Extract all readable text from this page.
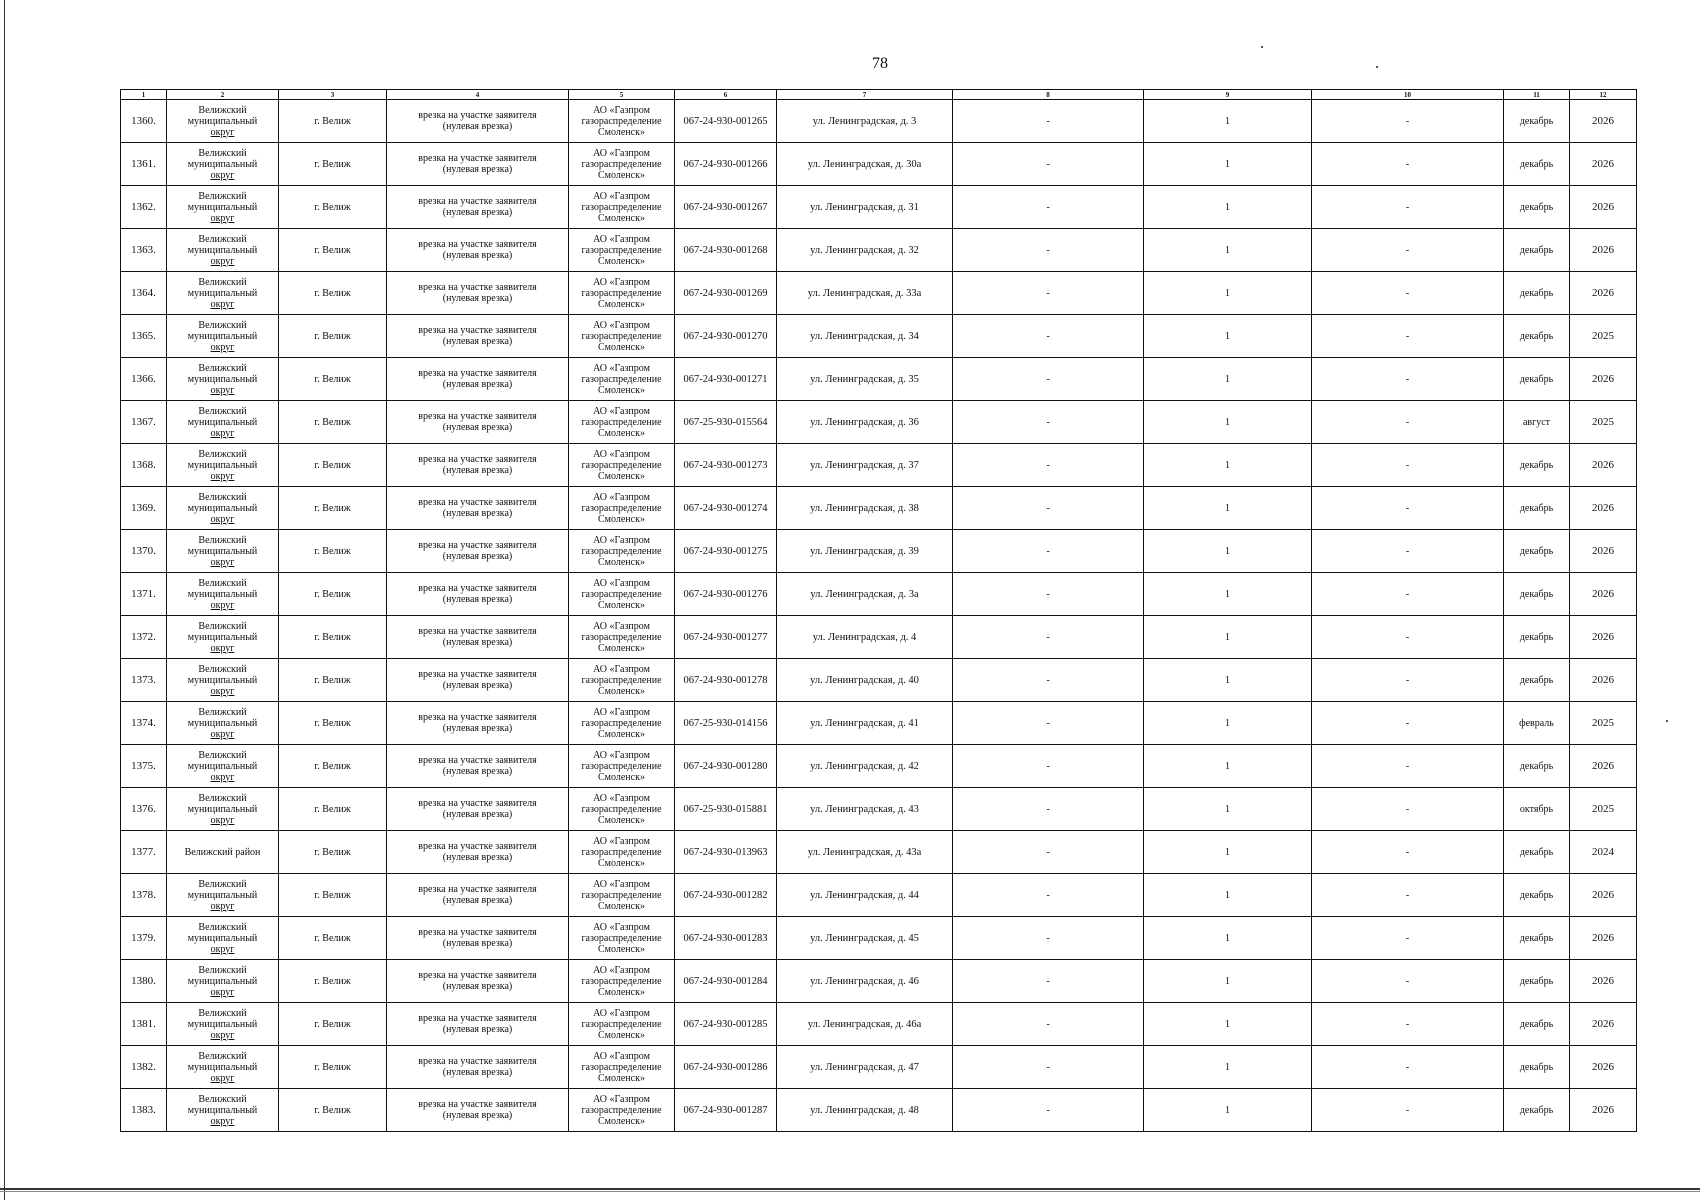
78
1	2	3	4	5	6	7	8	9	10	11	12
1360.	Велижский
муниципальный
округ	г. Велиж	врезка на участке заявителя
(нулевая врезка)	АО «Газпром
газораспределение
Смоленск»	067-24-930-001265	ул. Ленинградская, д. 3	-	1	-	декабрь	2026
1361.	Велижский
муниципальный
округ	г. Велиж	врезка на участке заявителя
(нулевая врезка)	АО «Газпром
газораспределение
Смоленск»	067-24-930-001266	ул. Ленинградская, д. 30а	-	1	-	декабрь	2026
1362.	Велижский
муниципальный
округ	г. Велиж	врезка на участке заявителя
(нулевая врезка)	АО «Газпром
газораспределение
Смоленск»	067-24-930-001267	ул. Ленинградская, д. 31	-	1	-	декабрь	2026
1363.	Велижский
муниципальный
округ	г. Велиж	врезка на участке заявителя
(нулевая врезка)	АО «Газпром
газораспределение
Смоленск»	067-24-930-001268	ул. Ленинградская, д. 32	-	1	-	декабрь	2026
1364.	Велижский
муниципальный
округ	г. Велиж	врезка на участке заявителя
(нулевая врезка)	АО «Газпром
газораспределение
Смоленск»	067-24-930-001269	ул. Ленинградская, д. 33а	-	1	-	декабрь	2026
1365.	Велижский
муниципальный
округ	г. Велиж	врезка на участке заявителя
(нулевая врезка)	АО «Газпром
газораспределение
Смоленск»	067-24-930-001270	ул. Ленинградская, д. 34	-	1	-	декабрь	2025
1366.	Велижский
муниципальный
округ	г. Велиж	врезка на участке заявителя
(нулевая врезка)	АО «Газпром
газораспределение
Смоленск»	067-24-930-001271	ул. Ленинградская, д. 35	-	1	-	декабрь	2026
1367.	Велижский
муниципальный
округ	г. Велиж	врезка на участке заявителя
(нулевая врезка)	АО «Газпром
газораспределение
Смоленск»	067-25-930-015564	ул. Ленинградская, д. 36	-	1	-	август	2025
1368.	Велижский
муниципальный
округ	г. Велиж	врезка на участке заявителя
(нулевая врезка)	АО «Газпром
газораспределение
Смоленск»	067-24-930-001273	ул. Ленинградская, д. 37	-	1	-	декабрь	2026
1369.	Велижский
муниципальный
округ	г. Велиж	врезка на участке заявителя
(нулевая врезка)	АО «Газпром
газораспределение
Смоленск»	067-24-930-001274	ул. Ленинградская, д. 38	-	1	-	декабрь	2026
1370.	Велижский
муниципальный
округ	г. Велиж	врезка на участке заявителя
(нулевая врезка)	АО «Газпром
газораспределение
Смоленск»	067-24-930-001275	ул. Ленинградская, д. 39	-	1	-	декабрь	2026
1371.	Велижский
муниципальный
округ	г. Велиж	врезка на участке заявителя
(нулевая врезка)	АО «Газпром
газораспределение
Смоленск»	067-24-930-001276	ул. Ленинградская, д. 3а	-	1	-	декабрь	2026
1372.	Велижский
муниципальный
округ	г. Велиж	врезка на участке заявителя
(нулевая врезка)	АО «Газпром
газораспределение
Смоленск»	067-24-930-001277	ул. Ленинградская, д. 4	-	1	-	декабрь	2026
1373.	Велижский
муниципальный
округ	г. Велиж	врезка на участке заявителя
(нулевая врезка)	АО «Газпром
газораспределение
Смоленск»	067-24-930-001278	ул. Ленинградская, д. 40	-	1	-	декабрь	2026
1374.	Велижский
муниципальный
округ	г. Велиж	врезка на участке заявителя
(нулевая врезка)	АО «Газпром
газораспределение
Смоленск»	067-25-930-014156	ул. Ленинградская, д. 41	-	1	-	февраль	2025
1375.	Велижский
муниципальный
округ	г. Велиж	врезка на участке заявителя
(нулевая врезка)	АО «Газпром
газораспределение
Смоленск»	067-24-930-001280	ул. Ленинградская, д. 42	-	1	-	декабрь	2026
1376.	Велижский
муниципальный
округ	г. Велиж	врезка на участке заявителя
(нулевая врезка)	АО «Газпром
газораспределение
Смоленск»	067-25-930-015881	ул. Ленинградская, д. 43	-	1	-	октябрь	2025
1377.	Велижский район	г. Велиж	врезка на участке заявителя
(нулевая врезка)	АО «Газпром
газораспределение
Смоленск»	067-24-930-013963	ул. Ленинградская, д. 43а	-	1	-	декабрь	2024
1378.	Велижский
муниципальный
округ	г. Велиж	врезка на участке заявителя
(нулевая врезка)	АО «Газпром
газораспределение
Смоленск»	067-24-930-001282	ул. Ленинградская, д. 44	-	1	-	декабрь	2026
1379.	Велижский
муниципальный
округ	г. Велиж	врезка на участке заявителя
(нулевая врезка)	АО «Газпром
газораспределение
Смоленск»	067-24-930-001283	ул. Ленинградская, д. 45	-	1	-	декабрь	2026
1380.	Велижский
муниципальный
округ	г. Велиж	врезка на участке заявителя
(нулевая врезка)	АО «Газпром
газораспределение
Смоленск»	067-24-930-001284	ул. Ленинградская, д. 46	-	1	-	декабрь	2026
1381.	Велижский
муниципальный
округ	г. Велиж	врезка на участке заявителя
(нулевая врезка)	АО «Газпром
газораспределение
Смоленск»	067-24-930-001285	ул. Ленинградская, д. 46а	-	1	-	декабрь	2026
1382.	Велижский
муниципальный
округ	г. Велиж	врезка на участке заявителя
(нулевая врезка)	АО «Газпром
газораспределение
Смоленск»	067-24-930-001286	ул. Ленинградская, д. 47	-	1	-	декабрь	2026
1383.	Велижский
муниципальный
округ	г. Велиж	врезка на участке заявителя
(нулевая врезка)	АО «Газпром
газораспределение
Смоленск»	067-24-930-001287	ул. Ленинградская, д. 48	-	1	-	декабрь	2026
